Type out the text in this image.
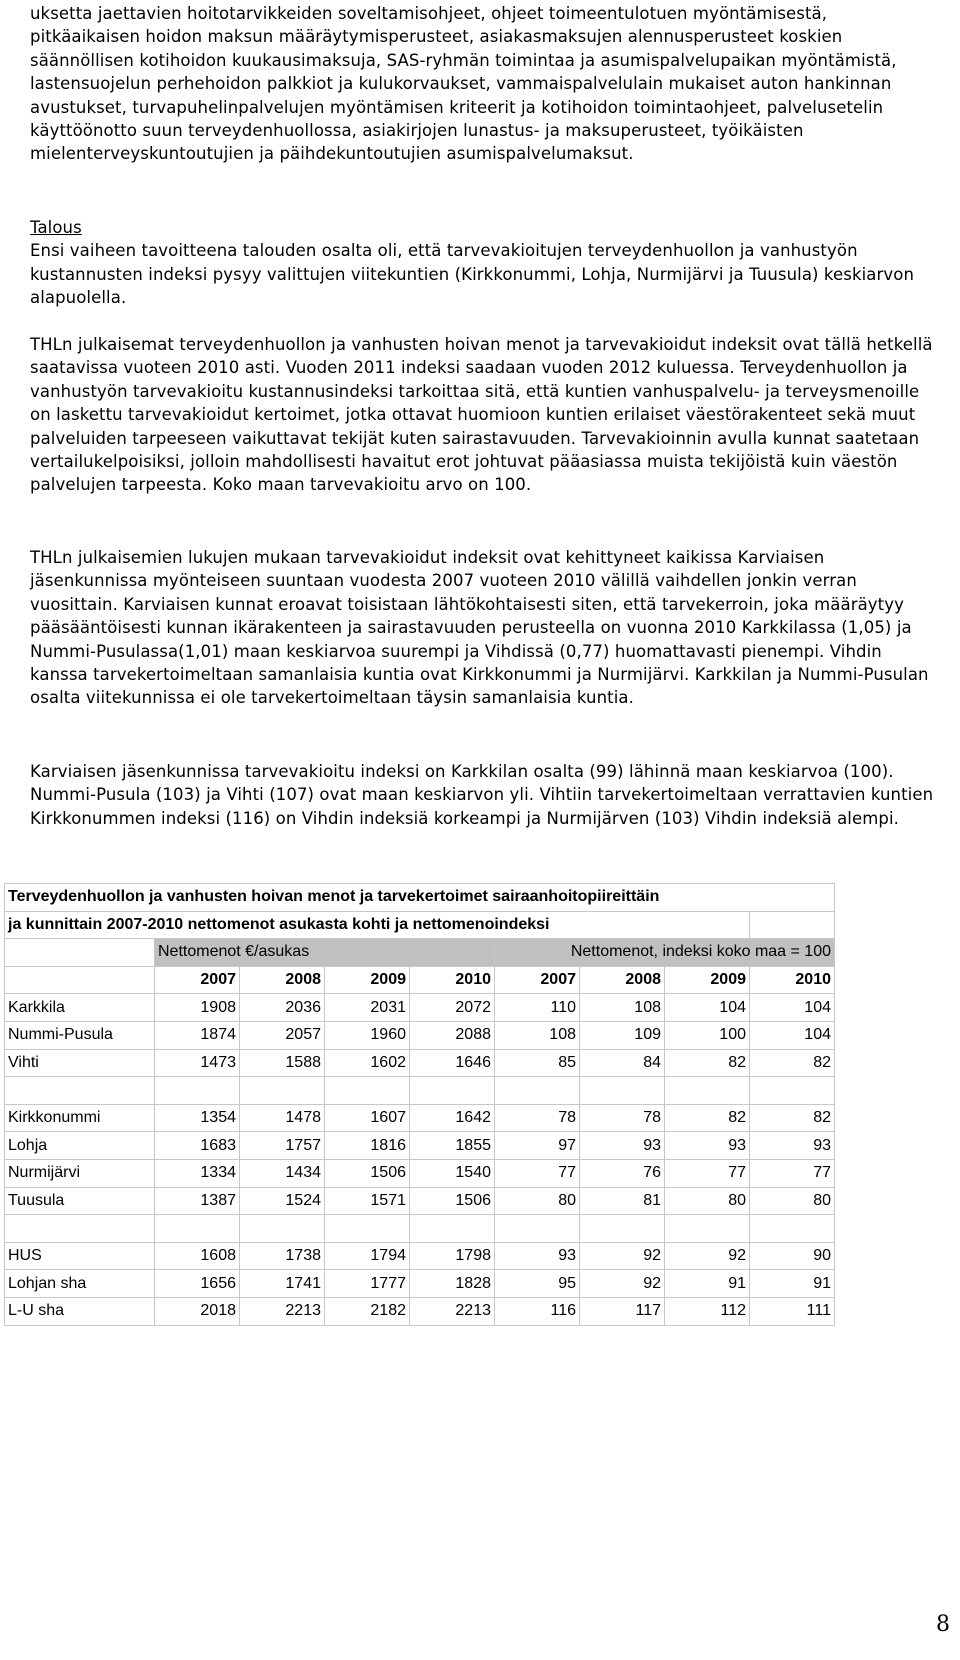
uksetta jaettavien hoitotarvikkeiden soveltamisohjeet, ohjeet toimeentulotuen myöntämisestä, pitkäaikaisen hoidon maksun määräytymisperusteet, asiakasmaksujen alennusperusteet koskien säännöllisen kotihoidon kuukausimaksuja, SAS-ryhmän toimintaa ja asumispalvelupaikan myöntämistä, lastensuojelun perhehoidon palkkiot ja kulukorvaukset, vammaispalvelulain mukaiset auton hankinnan avustukset, turvapuhelinpalvelujen myöntämisen kriteerit ja kotihoidon toimintaohjeet, palvelusetelin käyttöönotto suun terveydenhuollossa, asiakirjojen lunastus- ja maksuperusteet, työikäisten mielenterveyskuntoutujien ja päihdekuntoutujien asumispalvelumaksut.

Talous
Ensi vaiheen tavoitteena talouden osalta oli, että tarvevakioitujen terveydenhuollon ja vanhustyön kustannusten indeksi pysyy valittujen viitekuntien (Kirkkonummi, Lohja, Nurmijärvi ja Tuusula) keskiarvon alapuolella.

THLn julkaisemat terveydenhuollon ja vanhusten hoivan menot ja tarvevakioidut indeksit ovat tällä hetkellä saatavissa vuoteen 2010 asti. Vuoden 2011 indeksi saadaan vuoden 2012 kuluessa. Terveydenhuollon ja vanhustyön tarvevakioitu kustannusindeksi tarkoittaa sitä, että kuntien vanhuspalvelu- ja terveysmenoille on laskettu tarvevakioidut kertoimet, jotka ottavat huomioon kuntien erilaiset väestörakenteet sekä muut palveluiden tarpeeseen vaikuttavat tekijät kuten sairastavuuden. Tarvevakioinnin avulla kunnat saatetaan vertailukelpoisiksi, jolloin mahdollisesti havaitut erot johtuvat pääasiassa muista tekijöistä kuin väestön palvelujen tarpeesta. Koko maan tarvevakioitu arvo on 100.

THLn julkaisemien lukujen mukaan tarvevakioidut indeksit ovat kehittyneet kaikissa Karviaisen jäsenkunnissa myönteiseen suuntaan vuodesta 2007 vuoteen 2010 välillä vaihdellen jonkin verran vuosittain. Karviaisen kunnat eroavat toisistaan lähtökohtaisesti siten, että tarvekerroin, joka määräytyy pääsääntöisesti kunnan ikärakenteen ja sairastavuuden perusteella on vuonna 2010 Karkkilassa (1,05) ja Nummi-Pusulassa(1,01) maan keskiarvoa suurempi ja Vihdissä (0,77) huomattavasti pienempi. Vihdin kanssa tarvekertoimeltaan samanlaisia kuntia ovat Kirkkonummi ja Nurmijärvi. Karkkilan ja Nummi-Pusulan osalta viitekunnissa ei ole tarvekertoimeltaan täysin samanlaisia kuntia.

Karviaisen jäsenkunnissa tarvevakioitu indeksi on Karkkilan osalta (99) lähinnä maan keskiarvoa (100). Nummi-Pusula (103) ja Vihti (107) ovat maan keskiarvon yli. Vihtiin tarvekertoimeltaan verrattavien kuntien Kirkkonummen indeksi (116) on Vihdin indeksiä korkeampi ja Nurmijärven (103) Vihdin indeksiä alempi.

Terveydenhuollon ja vanhusten hoivan menot ja tarvekertoimet sairaanhoitopiireittäin								
ja kunnittain 2007-2010 nettomenot asukasta kohti ja nettomenoindeksi								
	Nettomenot €/asukas				Nettomenot, indeksi koko maa = 100			
	2007	2008	2009	2010	2007	2008	2009	2010
Karkkila	1908	2036	2031	2072	110	108	104	104
Nummi-Pusula	1874	2057	1960	2088	108	109	100	104
Vihti	1473	1588	1602	1646	85	84	82	82

Kirkkonummi	1354	1478	1607	1642	78	78	82	82
Lohja	1683	1757	1816	1855	97	93	93	93
Nurmijärvi	1334	1434	1506	1540	77	76	77	77
Tuusula	1387	1524	1571	1506	80	81	80	80

HUS	1608	1738	1794	1798	93	92	92	90
Lohjan sha	1656	1741	1777	1828	95	92	91	91
L-U sha	2018	2213	2182	2213	116	117	112	111
8
